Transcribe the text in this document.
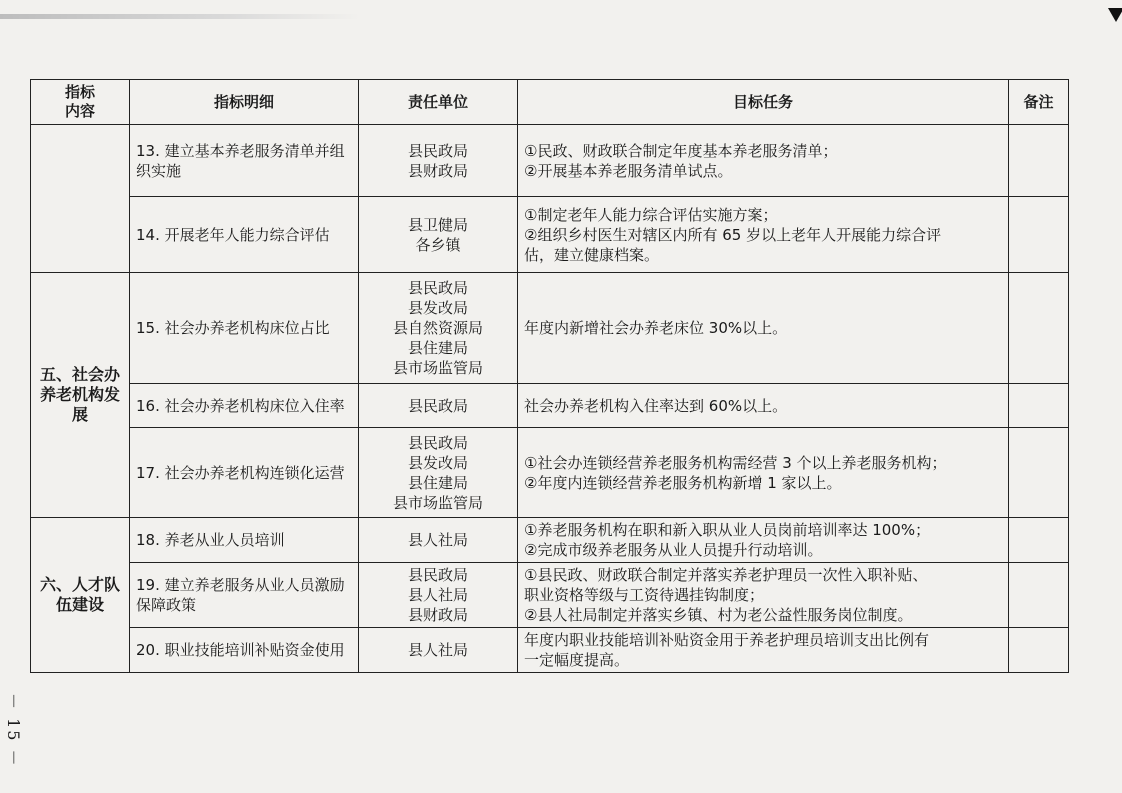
指标
内容	指标明细	责任单位	目标任务	备注

	13. 建立基本养老服务清单并组织实施	县民政局
县财政局	①民政、财政联合制定年度基本养老服务清单；
②开展基本养老服务清单试点。	

	14. 开展老年人能力综合评估	县卫健局
各乡镇	①制定老年人能力综合评估实施方案；
②组织乡村医生对辖区内所有 65 岁以上老年人开展能力综合评
估，建立健康档案。	

五、社会办养老机构发展	15. 社会办养老机构床位占比	县民政局
县发改局
县自然资源局
县住建局
县市场监管局	年度内新增社会办养老床位 30%以上。	

	16. 社会办养老机构床位入住率	县民政局	社会办养老机构入住率达到 60%以上。	

	17. 社会办养老机构连锁化运营	县民政局
县发改局
县住建局
县市场监管局	①社会办连锁经营养老服务机构需经营 3 个以上养老服务机构；
②年度内连锁经营养老服务机构新增 1 家以上。	

六、人才队伍建设	18. 养老从业人员培训	县人社局	①养老服务机构在职和新入职从业人员岗前培训率达 100%；
②完成市级养老服务从业人员提升行动培训。	

	19. 建立养老服务从业人员激励保障政策	县民政局
县人社局
县财政局	①县民政、财政联合制定并落实养老护理员一次性入职补贴、
职业资格等级与工资待遇挂钩制度；
②县人社局制定并落实乡镇、村为老公益性服务岗位制度。	

	20. 职业技能培训补贴资金使用	县人社局	年度内职业技能培训补贴资金用于养老护理员培训支出比例有
一定幅度提高。	

－ 15 －
